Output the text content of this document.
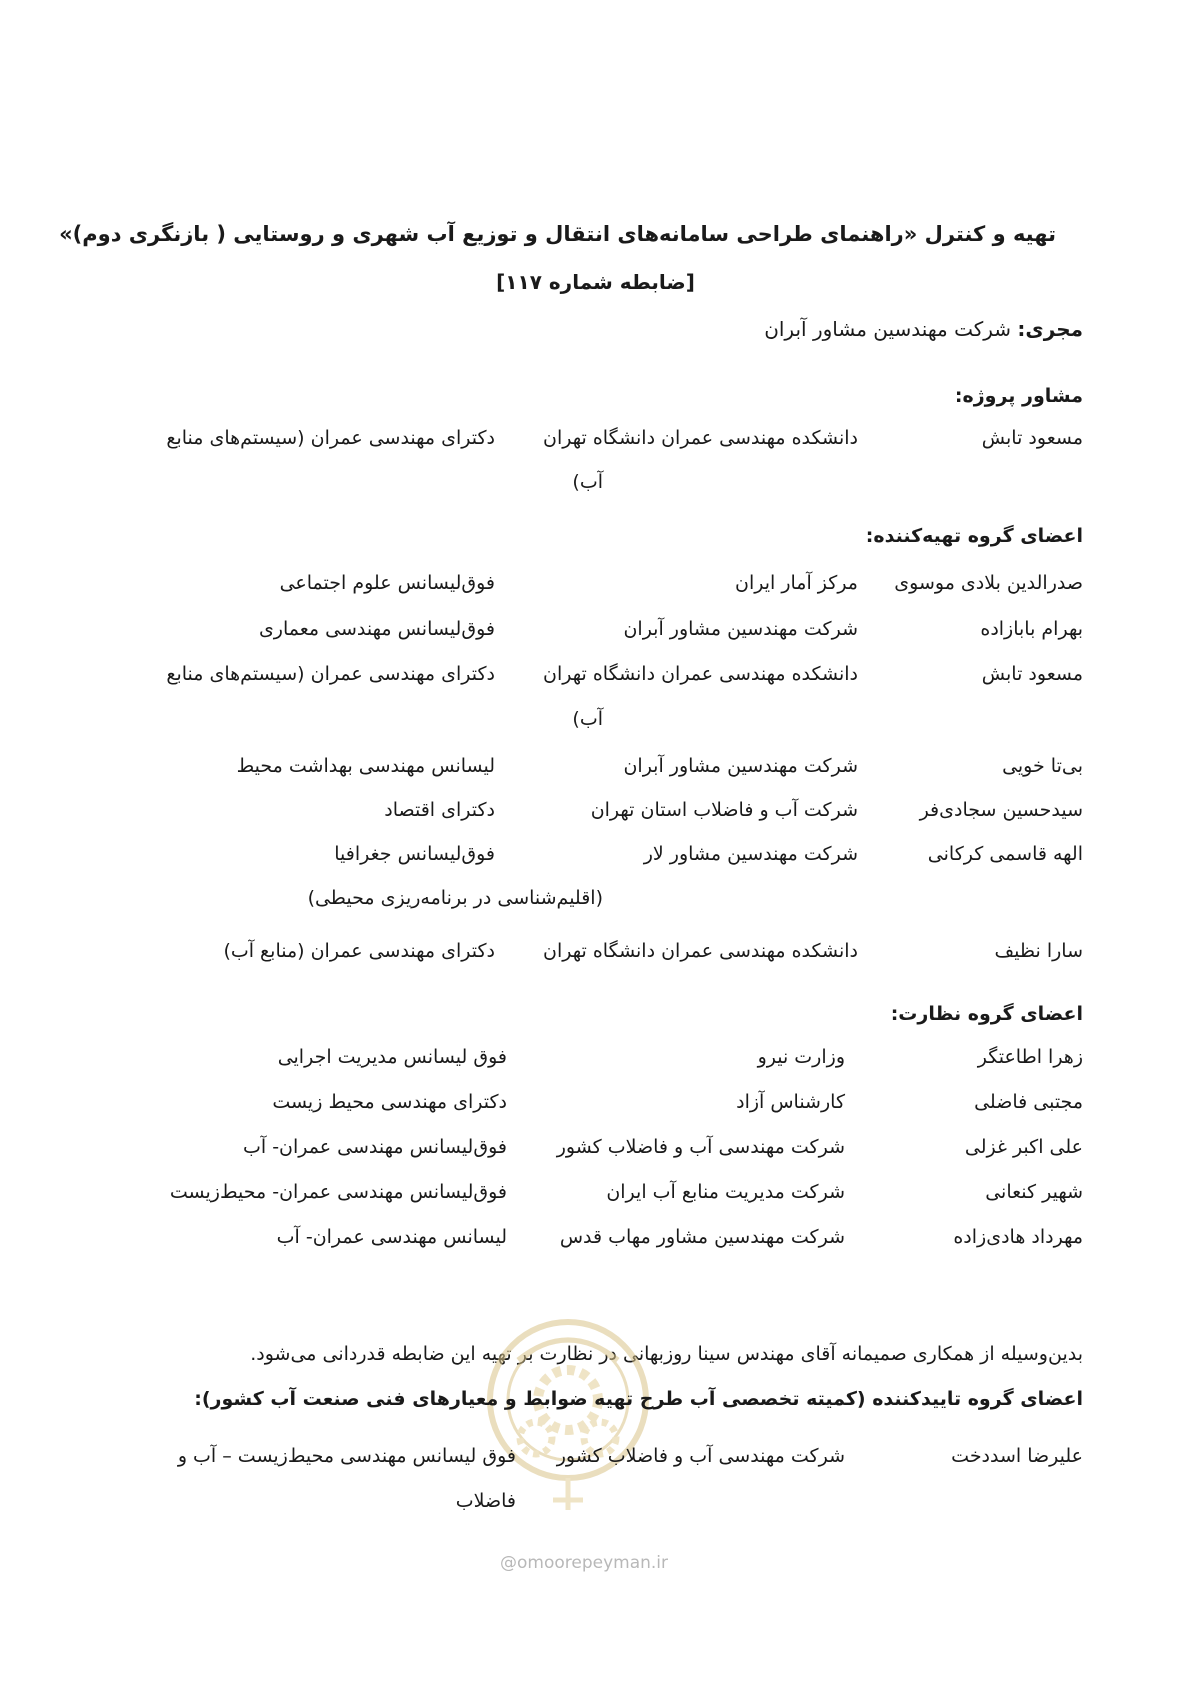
تهیه و کنترل «راهنمای طراحی سامانه‌های انتقال و توزیع آب شهری و روستایی ( بازنگری دوم)»
[ضابطه شماره ۱۱۷]
مجری: شرکت مهندسین مشاور آبران
مشاور پروژه:
مسعود تابش
دانشکده مهندسی عمران دانشگاه تهران
دکترای مهندسی عمران (سیستم‌های منابع
آب)
اعضای گروه تهیه‌کننده:
صدرالدین بلادی موسوی
مرکز آمار ایران
فوق‌لیسانس علوم اجتماعی
بهرام بابازاده
شرکت مهندسین مشاور آبران
فوق‌لیسانس مهندسی معماری
مسعود تابش
دانشکده مهندسی عمران دانشگاه تهران
دکترای مهندسی عمران (سیستم‌های منابع
آب)
بی‌تا خویی
شرکت مهندسین مشاور آبران
لیسانس مهندسی بهداشت محیط
سیدحسین سجادی‌فر
شرکت آب و فاضلاب استان تهران
دکترای اقتصاد
الهه قاسمی کرکانی
شرکت مهندسین مشاور لار
فوق‌لیسانس جغرافیا
(اقلیم‌شناسی در برنامه‌ریزی محیطی)
سارا نظیف
دانشکده مهندسی عمران دانشگاه تهران
دکترای مهندسی عمران (منابع آب)
اعضای گروه نظارت:
زهرا اطاعتگر
وزارت نیرو
فوق لیسانس مدیریت اجرایی
مجتبی فاضلی
کارشناس آزاد
دکترای مهندسی محیط زیست
علی اکبر غزلی
شرکت مهندسی آب و فاضلاب کشور
فوق‌لیسانس مهندسی عمران- آب
شهیر کنعانی
شرکت مدیریت منابع آب ایران
فوق‌لیسانس مهندسی عمران- محیط‌زیست
مهرداد هادی‌زاده
شرکت مهندسین مشاور مهاب قدس
لیسانس مهندسی عمران- آب
بدین‌وسیله از همکاری صمیمانه آقای مهندس سینا روزبهانی در نظارت بر تهیه این ضابطه قدردانی می‌شود.
اعضای گروه تاییدکننده (کمیته تخصصی آب طرح تهیه ضوابط و معیارهای فنی صنعت آب کشور):
علیرضا اسددخت
شرکت مهندسی آب و فاضلاب کشور
فوق لیسانس مهندسی محیط‌زیست – آب و
فاضلاب
@omoorepeyman.ir
